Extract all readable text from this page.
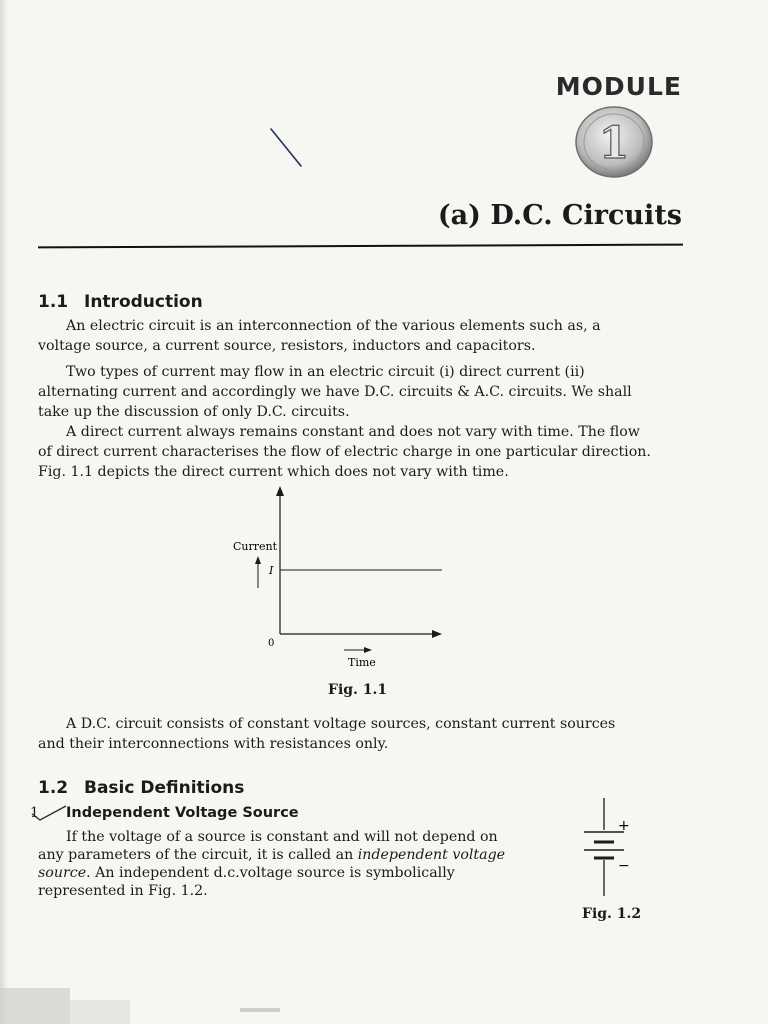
MODULE
1
(a) D.C. Circuits
1.1 Introduction
An electric circuit is an interconnection of the various elements such as, a
voltage source, a current source, resistors, inductors and capacitors.
Two types of current may flow in an electric circuit (i) direct current (ii)
alternating current and accordingly we have D.C. circuits & A.C. circuits. We shall
take up the discussion of only D.C. circuits.
A direct current always remains constant and does not vary with time. The flow
of direct current characterises the flow of electric charge in one particular direction.
Fig. 1.1 depicts the direct current which does not vary with time.
Current
I
0
Time
Fig. 1.1
A D.C. circuit consists of constant voltage sources, constant current sources
and their interconnections with resistances only.
1.2 Basic Definitions
1 Independent Voltage Source
If the voltage of a source is constant and will not depend on
any parameters of the circuit, it is called an independent voltage
source. An independent d.c.voltage source is symbolically
represented in Fig. 1.2.
+
−
Fig. 1.2
